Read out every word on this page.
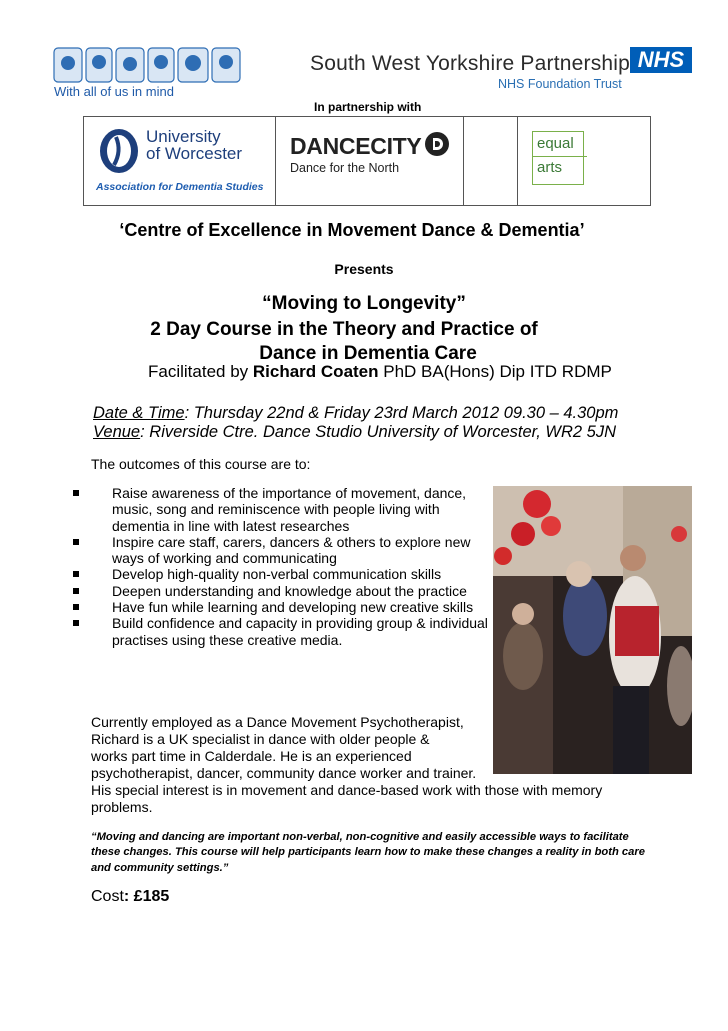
With all of us in mind
South West Yorkshire Partnership NHS
NHS Foundation Trust
In partnership with
University
of Worcester
Association for Dementia Studies
DANCECITY
Dance for the North
equal
arts
‘Centre of Excellence in Movement Dance & Dementia’
Presents
“Moving to Longevity”
2 Day Course in the Theory and Practice of
Dance in Dementia Care
Facilitated by Richard Coaten PhD BA(Hons) Dip ITD RDMP
Date & Time: Thursday 22nd & Friday 23rd March 2012 09.30 – 4.30pm
Venue: Riverside Ctre. Dance Studio University of Worcester, WR2 5JN
The outcomes of this course are to:
Raise awareness of the importance of movement, dance, music, song and reminiscence with people living with dementia in line with latest researches
Inspire care staff, carers, dancers & others to explore new ways of working and communicating
Develop high-quality non-verbal communication skills
Deepen understanding and knowledge about the practice
Have fun while learning and developing new creative skills
Build confidence and capacity in providing group & individual practises using these creative media.
Currently employed as a Dance Movement Psychotherapist,
Richard is a UK specialist in dance with older people &
works part time in Calderdale. He is an experienced
psychotherapist, dancer, community dance worker and trainer.
His special interest is in movement and dance-based work with those with memory problems.
“Moving and dancing are important non-verbal, non-cognitive and easily accessible ways to facilitate these changes. This course will help participants learn how to make these changes a reality in both care and community settings.”
Cost: £185
